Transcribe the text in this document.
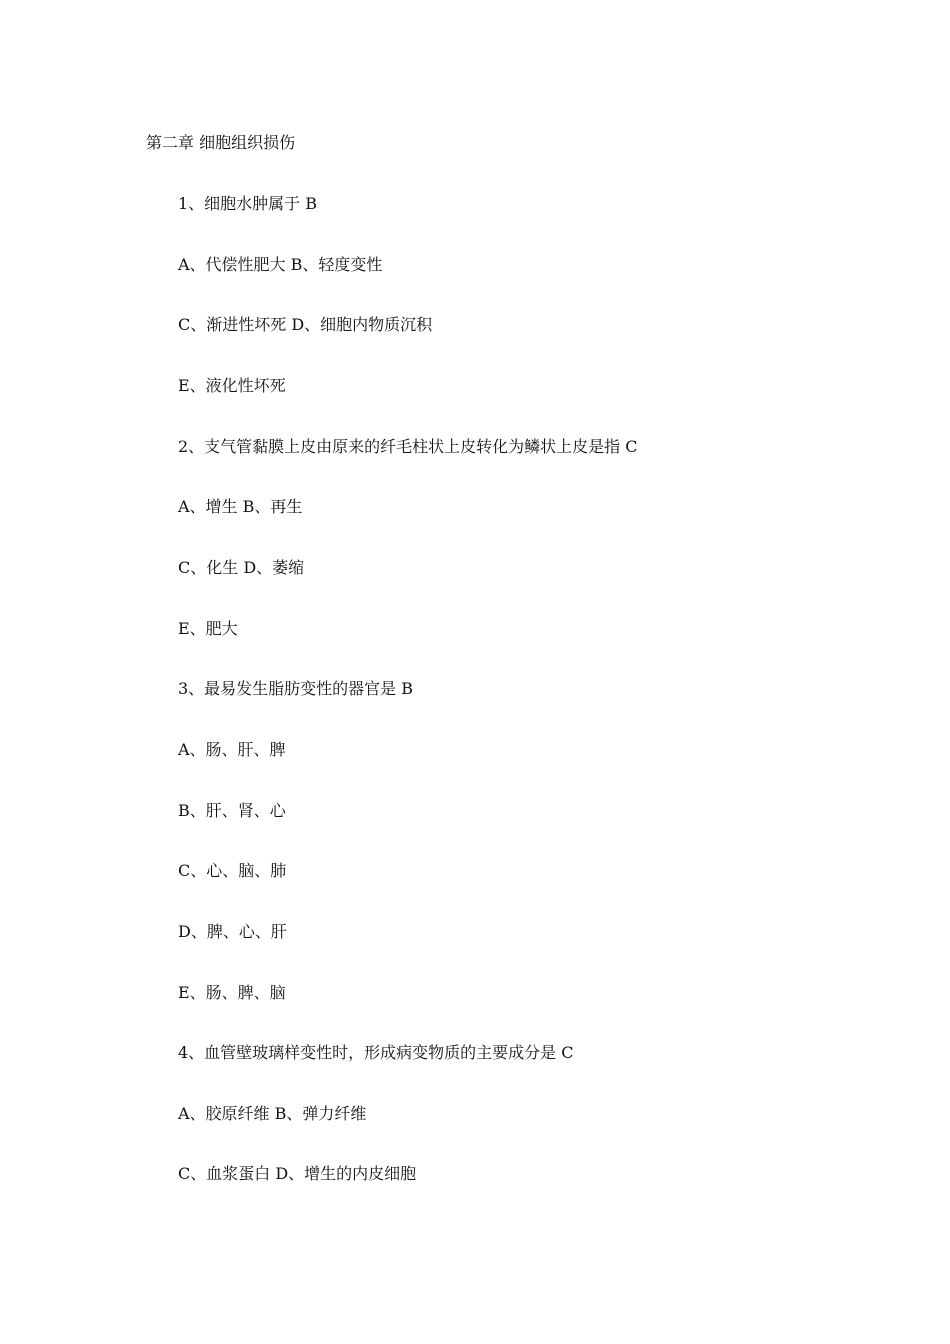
第二章 细胞组织损伤
1、细胞水肿属于 B
A、代偿性肥大 B、轻度变性
C、渐进性坏死 D、细胞内物质沉积
E、液化性坏死
2、支气管黏膜上皮由原来的纤毛柱状上皮转化为鳞状上皮是指 C
A、增生 B、再生
C、化生 D、萎缩
E、肥大
3、最易发生脂肪变性的器官是 B
A、肠、肝、脾
B、肝、肾、心
C、心、脑、肺
D、脾、心、肝
E、肠、脾、脑
4、血管壁玻璃样变性时，形成病变物质的主要成分是 C
A、胶原纤维 B、弹力纤维
C、血浆蛋白 D、增生的内皮细胞
